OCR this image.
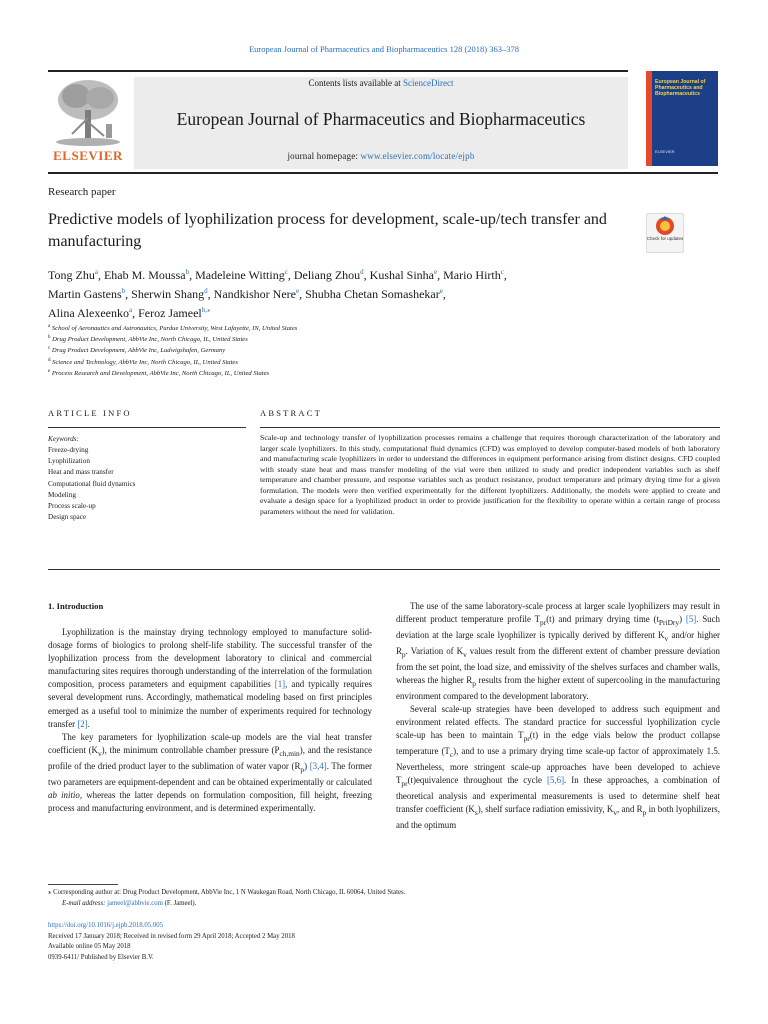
European Journal of Pharmaceutics and Biopharmaceutics 128 (2018) 363–378
ELSEVIER
Contents lists available at ScienceDirect
European Journal of Pharmaceutics and Biopharmaceutics
journal homepage: www.elsevier.com/locate/ejpb
European Journal of Pharmaceutics and Biopharmaceutics
ELSEVIER
Research paper
Predictive models of lyophilization process for development, scale-up/tech transfer and manufacturing	Check for updates
Tong Zhu$^a$, Ehab M. Moussa$^b$, Madeleine Witting$^c$, Deliang Zhou$^d$, Kushal Sinha$^e$, Mario Hirth$^c$,
Martin Gastens$^b$, Sherwin Shang$^d$, Nandkishor Nere$^e$, Shubha Chetan Somashekar$^e$,
Alina Alexeenko$^a$, Feroz Jameel$^{b,⁎}$
$^a$ School of Aeronautics and Astronautics, Purdue University, West Lafayette, IN, United States
$^b$ Drug Product Development, AbbVie Inc, North Chicago, IL, United States
$^c$ Drug Product Development, AbbVie Inc, Ludwigshafen, Germany
$^d$ Science and Technology, AbbVie Inc, North Chicago, IL, United States
$^e$ Process Research and Development, AbbVie Inc, North Chicago, IL, United States
ARTICLE INFO	ABSTRACT
Keywords:
Freeze-drying
Lyophilization
Heat and mass transfer
Computational fluid dynamics
Modeling
Process scale-up
Design space
Scale-up and technology transfer of lyophilization processes remains a challenge that requires thorough characterization of the laboratory and larger scale lyophilizers. In this study, computational fluid dynamics (CFD) was employed to develop computer-based models of both laboratory and manufacturing scale lyophilizers in order to understand the differences in equipment performance arising from distinct designs. CFD coupled with steady state heat and mass transfer modeling of the vial were then utilized to study and predict independent variables such as shelf temperature and chamber pressure, and response variables such as product resistance, product temperature and primary drying time for a given formulation. The models were then verified experimentally for the different lyophilizers. Additionally, the models were applied to create and evaluate a design space for a lyophilized product in order to provide justification for the flexibility to operate within a certain range of process parameters without the need for validation.
1. Introduction

Lyophilization is the mainstay drying technology employed to manufacture solid-dosage forms of biologics to prolong shelf-life stability. The successful transfer of the lyophilization process from the development laboratory to clinical and commercial manufacturing sites requires thorough understanding of the interrelation of the formulation composition, process parameters and equipment capabilities [1], and typically requires several development runs. Accordingly, mathematical modeling based on first principles emerged as a useful tool to minimize the number of experiments required for technology transfer [2].

The key parameters for lyophilization scale-up models are the vial heat transfer coefficient $(K_v)$, the minimum controllable chamber pressure $(P_{ch,min})$, and the resistance profile of the dried product layer to the sublimation of water vapor $(R_p)$ [3,4]. The former two parameters are equipment-dependent and can be obtained experimentally or calculated ab initio, whereas the latter depends on formulation composition, fill height, freezing process and manufacturing environment, and is determined experimentally.

The use of the same laboratory-scale process at larger scale lyophilizers may result in different product temperature profile $T_{pr}(t)$ and primary drying time $(t_{PriDry})$ [5]. Such deviation at the large scale lyophilizer is typically derived by different $K_v$ and/or higher $R_p$. Variation of $K_v$ values result from the different extent of chamber pressure deviation from the set point, the load size, and emissivity of the shelves surfaces and chamber walls, whereas the higher $R_p$ results from the higher extent of supercooling in the manufacturing environment compared to the development laboratory.

Several scale-up strategies have been developed to address such equipment and environment related effects. The standard practice for successful lyophilization cycle scale-up has been to maintain $T_{pr}(t)$ in the edge vials below the product collapse temperature $(T_c)$, and to use a primary drying time scale-up factor of approximately 1.5. Nevertheless, more stringent scale-up approaches have been developed to achieve $T_{pr}(t)equivalence$ throughout the cycle [5,6]. In these approaches, a combination of theoretical analysis and experimental measurements is used to determine shelf heat transfer coefficient $(K_s)$, shelf surface radiation emissivity, $K_v$, and $R_p$ in both lyophilizers, and the optimum

⁎ Corresponding author at: Drug Product Development, AbbVie Inc, 1 N Waukegan Road, North Chicago, IL 60064, United States.
E-mail address: jameel@abbvie.com (F. Jameel).
https://doi.org/10.1016/j.ejpb.2018.05.005
Received 17 January 2018; Received in revised form 29 April 2018; Accepted 2 May 2018
Available online 05 May 2018
0939-6411/ Published by Elsevier B.V.
